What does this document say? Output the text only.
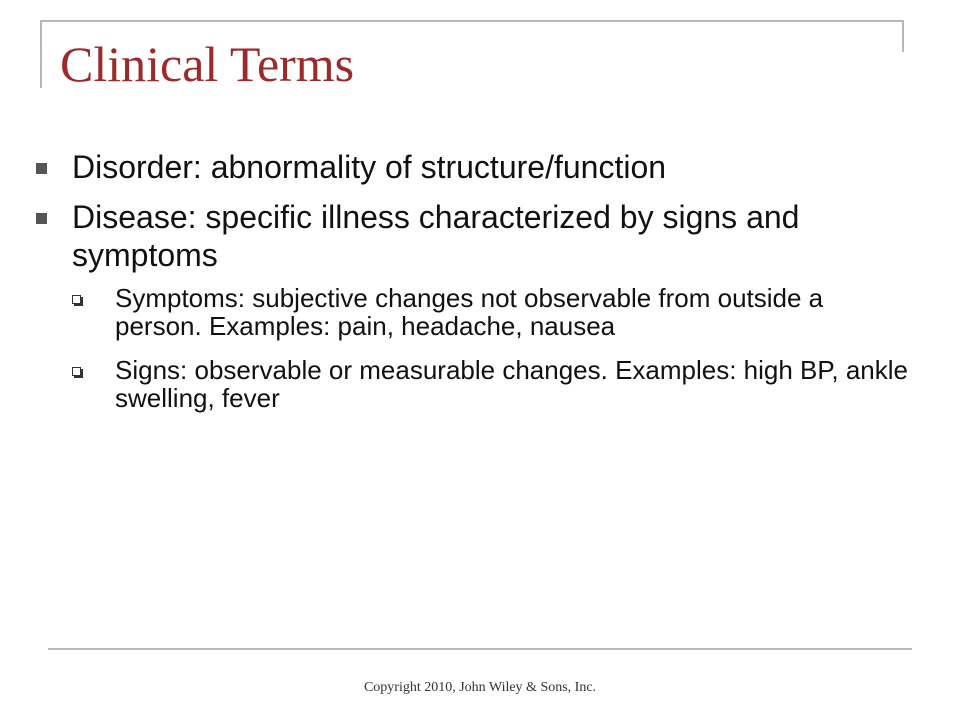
Clinical Terms
Disorder: abnormality of structure/function
Disease: specific illness characterized by signs and symptoms
Symptoms: subjective changes not observable from outside a person. Examples: pain, headache, nausea
Signs: observable or measurable changes. Examples: high BP, ankle swelling, fever
Copyright 2010, John Wiley & Sons, Inc.
